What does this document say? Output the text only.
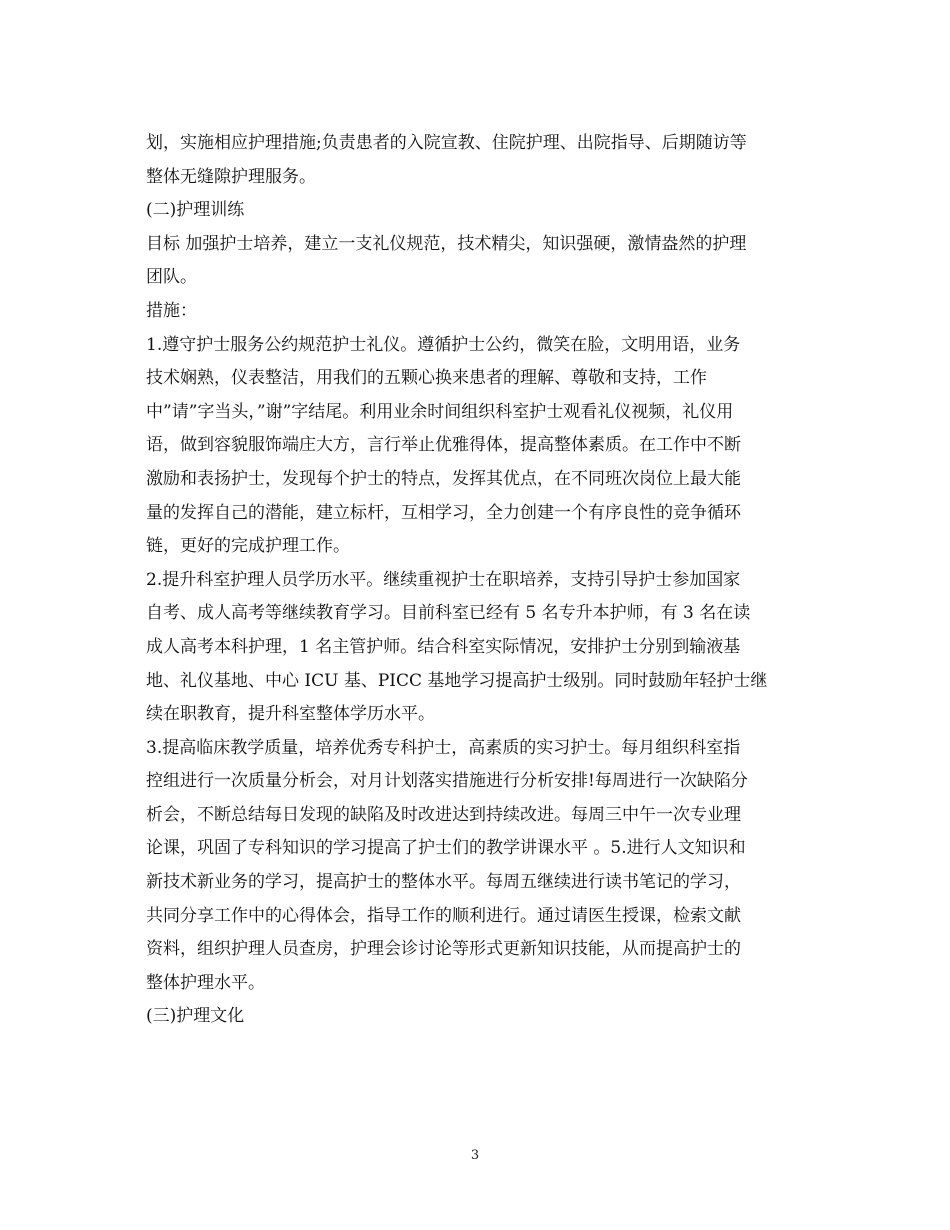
划，实施相应护理措施;负责患者的入院宣教、住院护理、出院指导、后期随访等
整体无缝隙护理服务。
(二)护理训练
目标 加强护士培养，建立一支礼仪规范，技术精尖，知识强硬，激情盎然的护理
团队。
措施：
1.遵守护士服务公约规范护士礼仪。遵循护士公约，微笑在脸，文明用语，业务
技术娴熟，仪表整洁，用我们的五颗心换来患者的理解、尊敬和支持，工作
中”请”字当头，”谢”字结尾。利用业余时间组织科室护士观看礼仪视频，礼仪用
语，做到容貌服饰端庄大方，言行举止优雅得体，提高整体素质。在工作中不断
激励和表扬护士，发现每个护士的特点，发挥其优点，在不同班次岗位上最大能
量的发挥自己的潜能，建立标杆，互相学习，全力创建一个有序良性的竞争循环
链，更好的完成护理工作。
2.提升科室护理人员学历水平。继续重视护士在职培养，支持引导护士参加国家
自考、成人高考等继续教育学习。目前科室已经有 5 名专升本护师，有 3 名在读
成人高考本科护理，1 名主管护师。结合科室实际情况，安排护士分别到输液基
地、礼仪基地、中心 ICU 基、PICC 基地学习提高护士级别。同时鼓励年轻护士继
续在职教育，提升科室整体学历水平。
3.提高临床教学质量，培养优秀专科护士，高素质的实习护士。每月组织科室指
控组进行一次质量分析会，对月计划落实措施进行分析安排!每周进行一次缺陷分
析会，不断总结每日发现的缺陷及时改进达到持续改进。每周三中午一次专业理
论课，巩固了专科知识的学习提高了护士们的教学讲课水平 。5.进行人文知识和
新技术新业务的学习，提高护士的整体水平。每周五继续进行读书笔记的学习，
共同分享工作中的心得体会，指导工作的顺利进行。通过请医生授课，检索文献
资料，组织护理人员查房，护理会诊讨论等形式更新知识技能，从而提高护士的
整体护理水平。
(三)护理文化
3
